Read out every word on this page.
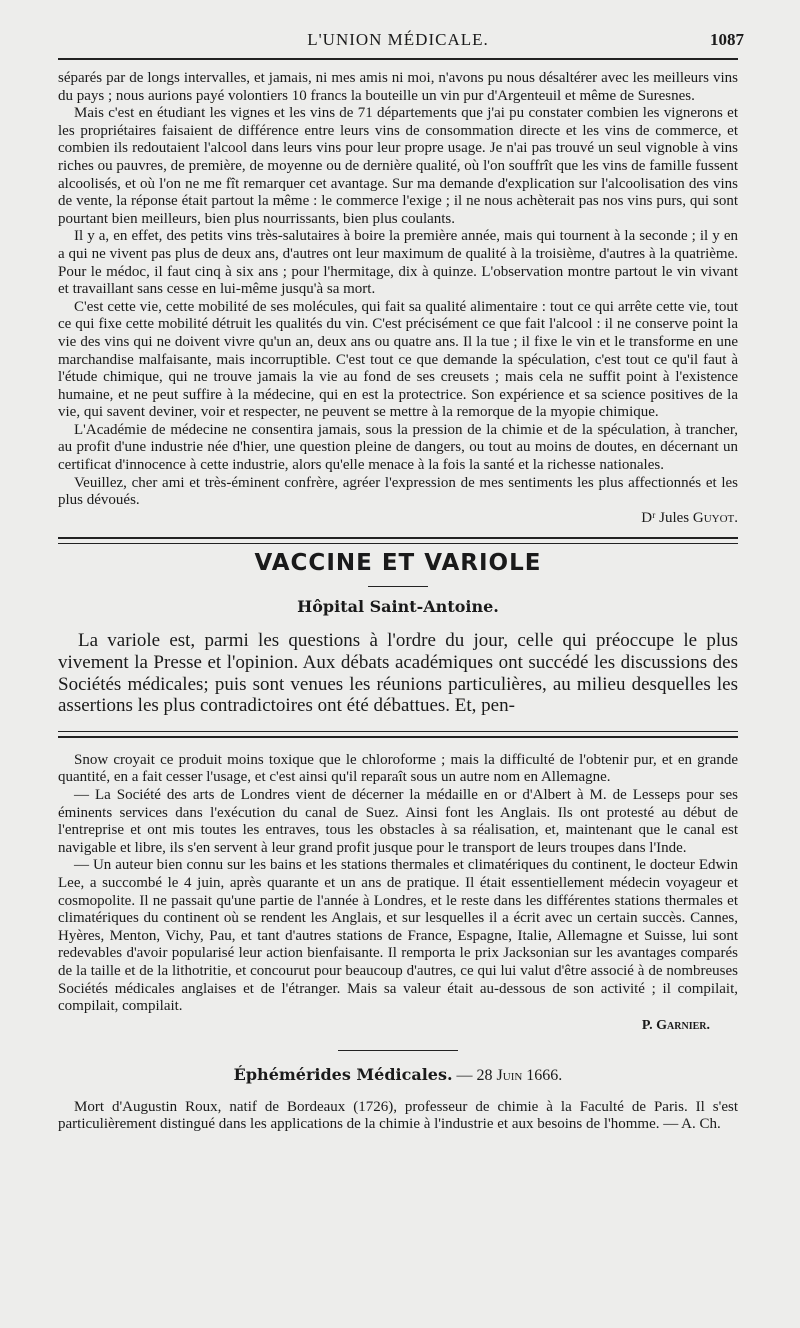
L'UNION MÉDICALE.	1087

séparés par de longs intervalles, et jamais, ni mes amis ni moi, n'avons pu nous désaltérer avec les meilleurs vins du pays ; nous aurions payé volontiers 10 francs la bouteille un vin pur d'Argenteuil et même de Suresnes.

Mais c'est en étudiant les vignes et les vins de 71 départements que j'ai pu constater combien les vignerons et les propriétaires faisaient de différence entre leurs vins de consommation directe et les vins de commerce, et combien ils redoutaient l'alcool dans leurs vins pour leur propre usage. Je n'ai pas trouvé un seul vignoble à vins riches ou pauvres, de première, de moyenne ou de dernière qualité, où l'on souffrît que les vins de famille fussent alcoolisés, et où l'on ne me fît remarquer cet avantage. Sur ma demande d'explication sur l'alcoolisation des vins de vente, la réponse était partout la même : le commerce l'exige ; il ne nous achèterait pas nos vins purs, qui sont pourtant bien meilleurs, bien plus nourrissants, bien plus coulants.

Il y a, en effet, des petits vins très-salutaires à boire la première année, mais qui tournent à la seconde ; il y en a qui ne vivent pas plus de deux ans, d'autres ont leur maximum de qualité à la troisième, d'autres à la quatrième. Pour le médoc, il faut cinq à six ans ; pour l'hermitage, dix à quinze. L'observation montre partout le vin vivant et travaillant sans cesse en lui-même jusqu'à sa mort.

C'est cette vie, cette mobilité de ses molécules, qui fait sa qualité alimentaire : tout ce qui arrête cette vie, tout ce qui fixe cette mobilité détruit les qualités du vin. C'est précisément ce que fait l'alcool : il ne conserve point la vie des vins qui ne doivent vivre qu'un an, deux ans ou quatre ans. Il la tue ; il fixe le vin et le transforme en une marchandise malfaisante, mais incorruptible. C'est tout ce que demande la spéculation, c'est tout ce qu'il faut à l'étude chimique, qui ne trouve jamais la vie au fond de ses creusets ; mais cela ne suffit point à l'existence humaine, et ne peut suffire à la médecine, qui en est la protectrice. Son expérience et sa science positives de la vie, qui savent deviner, voir et respecter, ne peuvent se mettre à la remorque de la myopie chimique.

L'Académie de médecine ne consentira jamais, sous la pression de la chimie et de la spéculation, à trancher, au profit d'une industrie née d'hier, une question pleine de dangers, ou tout au moins de doutes, en décernant un certificat d'innocence à cette industrie, alors qu'elle menace à la fois la santé et la richesse nationales.

Veuillez, cher ami et très-éminent confrère, agréer l'expression de mes sentiments les plus affectionnés et les plus dévoués.

Dʳ Jules Guyot.
VACCINE ET VARIOLE
Hôpital Saint-Antoine.

La variole est, parmi les questions à l'ordre du jour, celle qui préoccupe le plus vivement la Presse et l'opinion. Aux débats académiques ont succédé les discussions des Sociétés médicales; puis sont venues les réunions particulières, au milieu desquelles les assertions les plus contradictoires ont été débattues. Et, pen-

Snow croyait ce produit moins toxique que le chloroforme ; mais la difficulté de l'obtenir pur, et en grande quantité, en a fait cesser l'usage, et c'est ainsi qu'il reparaît sous un autre nom en Allemagne.

— La Société des arts de Londres vient de décerner la médaille en or d'Albert à M. de Lesseps pour ses éminents services dans l'exécution du canal de Suez. Ainsi font les Anglais. Ils ont protesté au début de l'entreprise et ont mis toutes les entraves, tous les obstacles à sa réalisation, et, maintenant que le canal est navigable et libre, ils s'en servent à leur grand profit jusque pour le transport de leurs troupes dans l'Inde.

— Un auteur bien connu sur les bains et les stations thermales et climatériques du continent, le docteur Edwin Lee, a succombé le 4 juin, après quarante et un ans de pratique. Il était essentiellement médecin voyageur et cosmopolite. Il ne passait qu'une partie de l'année à Londres, et le reste dans les différentes stations thermales et climatériques du continent où se rendent les Anglais, et sur lesquelles il a écrit avec un certain succès. Cannes, Hyères, Menton, Vichy, Pau, et tant d'autres stations de France, Espagne, Italie, Allemagne et Suisse, lui sont redevables d'avoir popularisé leur action bienfaisante. Il remporta le prix Jacksonian sur les avantages comparés de la taille et de la lithotritie, et concourut pour beaucoup d'autres, ce qui lui valut d'être associé à de nombreuses Sociétés médicales anglaises et de l'étranger. Mais sa valeur était au-dessous de son activité ; il compilait, compilait, compilait.

P. Garnier.
Éphémérides Médicales. — 28 Juin 1666.

Mort d'Augustin Roux, natif de Bordeaux (1726), professeur de chimie à la Faculté de Paris. Il s'est particulièrement distingué dans les applications de la chimie à l'industrie et aux besoins de l'homme. — A. Ch.
